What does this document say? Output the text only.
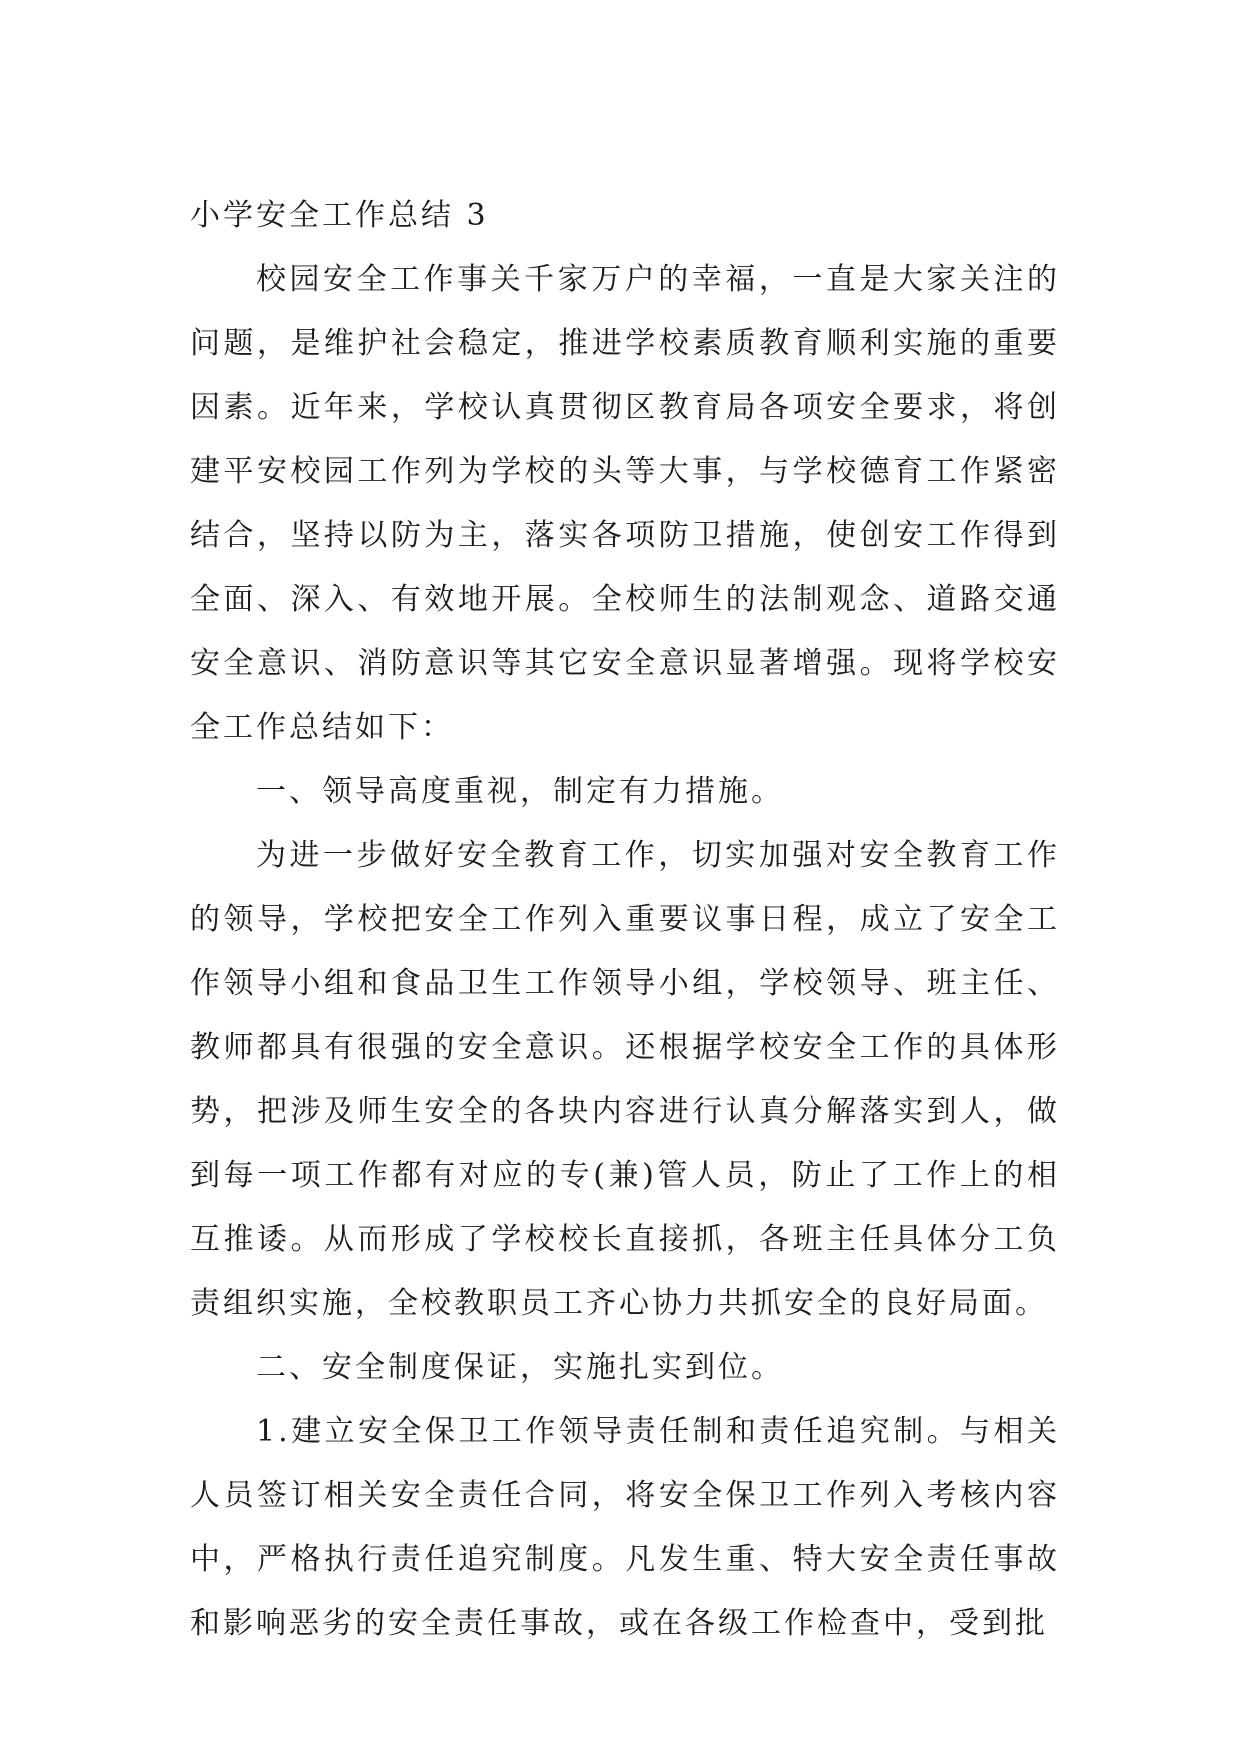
小学安全工作总结 3

校园安全工作事关千家万户的幸福，一直是大家关注的问题，是维护社会稳定，推进学校素质教育顺利实施的重要因素。近年来，学校认真贯彻区教育局各项安全要求，将创建平安校园工作列为学校的头等大事，与学校德育工作紧密结合，坚持以防为主，落实各项防卫措施，使创安工作得到全面、深入、有效地开展。全校师生的法制观念、道路交通安全意识、消防意识等其它安全意识显著增强。现将学校安全工作总结如下：

一、领导高度重视，制定有力措施。

为进一步做好安全教育工作，切实加强对安全教育工作的领导，学校把安全工作列入重要议事日程，成立了安全工作领导小组和食品卫生工作领导小组，学校领导、班主任、教师都具有很强的安全意识。还根据学校安全工作的具体形势，把涉及师生安全的各块内容进行认真分解落实到人，做到每一项工作都有对应的专(兼)管人员，防止了工作上的相互推诿。从而形成了学校校长直接抓，各班主任具体分工负责组织实施，全校教职员工齐心协力共抓安全的良好局面。

二、安全制度保证，实施扎实到位。

1.建立安全保卫工作领导责任制和责任追究制。与相关人员签订相关安全责任合同，将安全保卫工作列入考核内容中，严格执行责任追究制度。凡发生重、特大安全责任事故和影响恶劣的安全责任事故，或在各级工作检查中，受到批
